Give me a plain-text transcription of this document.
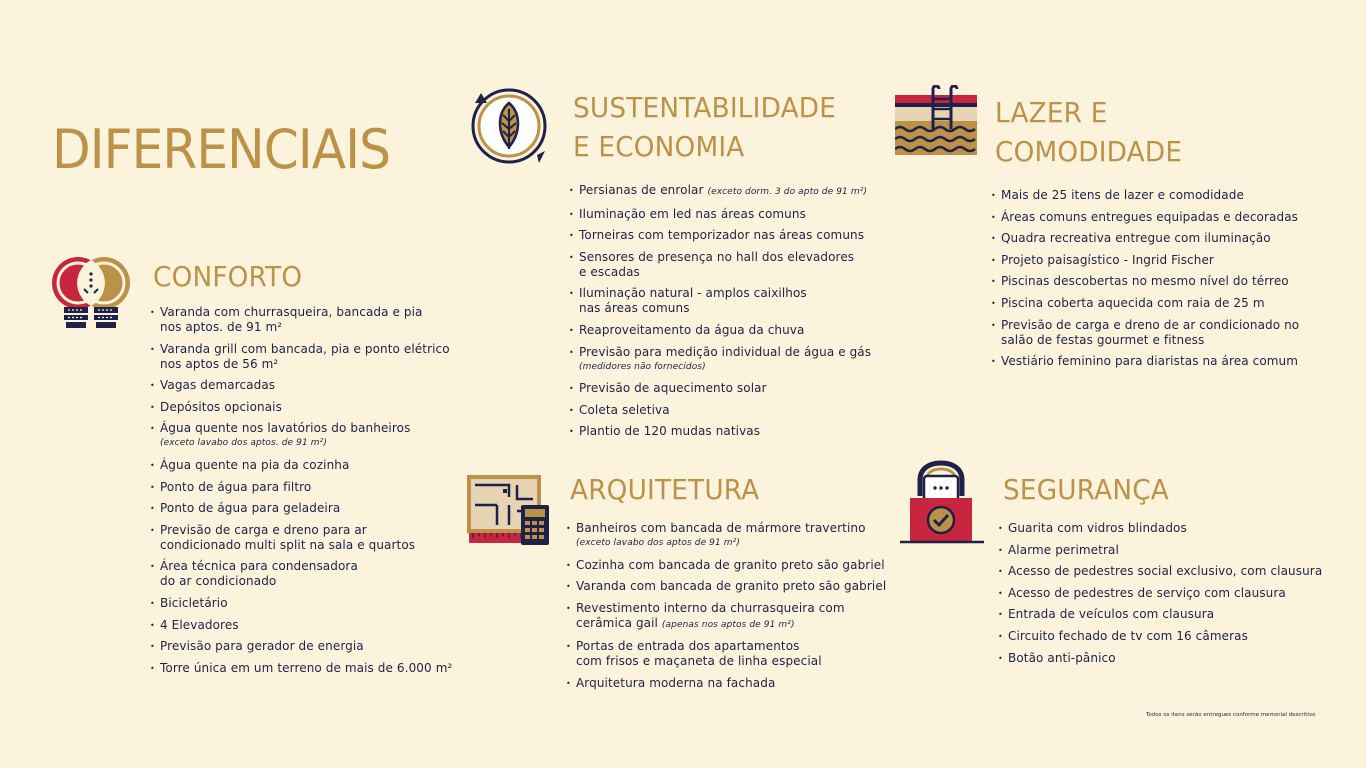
DIFERENCIAIS
CONFORTO
• Varanda com churrasqueira, bancada e pia
nos aptos. de 91 m²
• Varanda grill com bancada, pia e ponto elétrico
nos aptos de 56 m²
• Vagas demarcadas
• Depósitos opcionais
• Água quente nos lavatórios do banheiros
(exceto lavabo dos aptos. de 91 m²)
• Água quente na pia da cozinha
• Ponto de água para filtro
• Ponto de água para geladeira
• Previsão de carga e dreno para ar
condicionado multi split na sala e quartos
• Área técnica para condensadora
do ar condicionado
• Bicicletário
• 4 Elevadores
• Previsão para gerador de energia
• Torre única em um terreno de mais de 6.000 m²
SUSTENTABILIDADE
E ECONOMIA
• Persianas de enrolar (exceto dorm. 3 do apto de 91 m²)
• Iluminação em led nas áreas comuns
• Torneiras com temporizador nas áreas comuns
• Sensores de presença no hall dos elevadores
e escadas
• Iluminação natural - amplos caixilhos
nas áreas comuns
• Reaproveitamento da água da chuva
• Previsão para medição individual de água e gás
(medidores não fornecidos)
• Previsão de aquecimento solar
• Coleta seletiva
• Plantio de 120 mudas nativas
LAZER E
COMODIDADE
• Mais de 25 itens de lazer e comodidade
• Áreas comuns entregues equipadas e decoradas
• Quadra recreativa entregue com iluminação
• Projeto paisagístico - Ingrid Fischer
• Piscinas descobertas no mesmo nível do térreo
• Piscina coberta aquecida com raia de 25 m
• Previsão de carga e dreno de ar condicionado no
salão de festas gourmet e fitness
• Vestiário feminino para diaristas na área comum
ARQUITETURA
• Banheiros com bancada de mármore travertino
(exceto lavabo dos aptos de 91 m²)
• Cozinha com bancada de granito preto são gabriel
• Varanda com bancada de granito preto são gabriel
• Revestimento interno da churrasqueira com
cerâmica gail (apenas nos aptos de 91 m²)
• Portas de entrada dos apartamentos
com frisos e maçaneta de linha especial
• Arquitetura moderna na fachada
SEGURANÇA
• Guarita com vidros blindados
• Alarme perimetral
• Acesso de pedestres social exclusivo, com clausura
• Acesso de pedestres de serviço com clausura
• Entrada de veículos com clausura
• Circuito fechado de tv com 16 câmeras
• Botão anti-pânico
Todos os itens serão entregues conforme memorial descritivo
